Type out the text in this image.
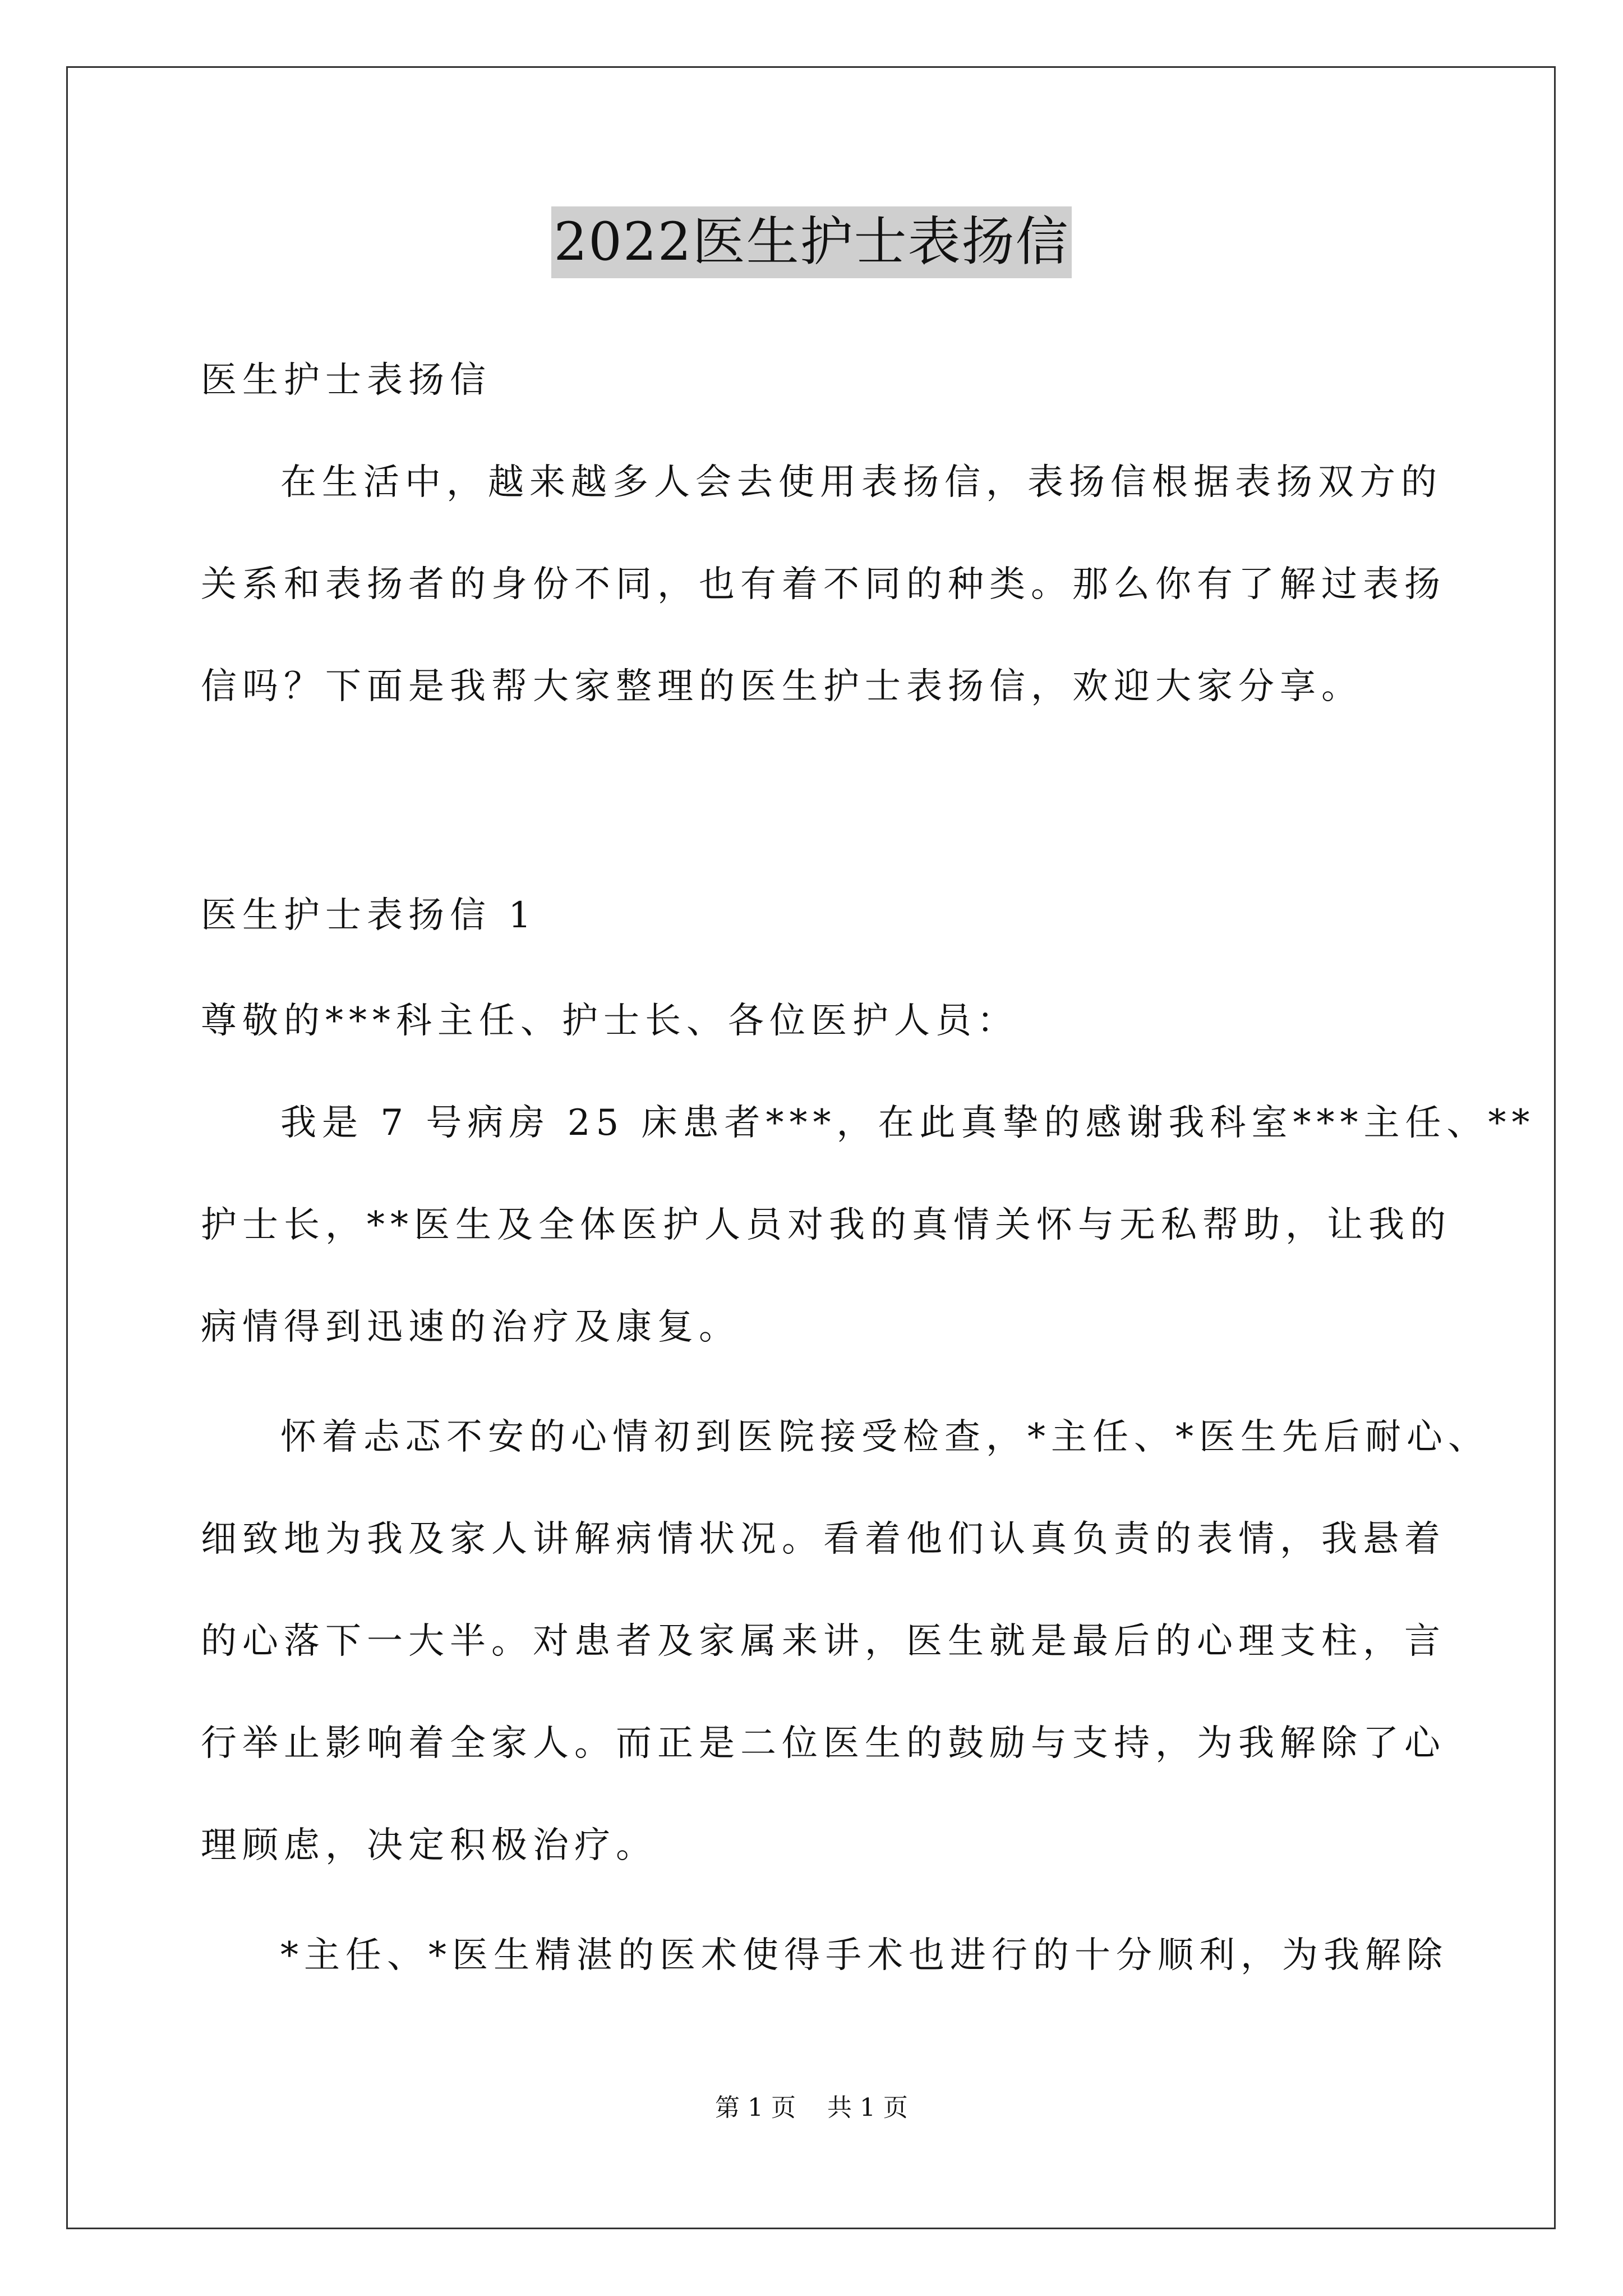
2022医生护士表扬信
医生护士表扬信
在生活中，越来越多人会去使用表扬信，表扬信根据表扬双方的
关系和表扬者的身份不同，也有着不同的种类。那么你有了解过表扬
信吗？下面是我帮大家整理的医生护士表扬信，欢迎大家分享。
医生护士表扬信 1
尊敬的***科主任、护士长、各位医护人员：
我是 7 号病房 25 床患者***，在此真挚的感谢我科室***主任、**
护士长，**医生及全体医护人员对我的真情关怀与无私帮助，让我的
病情得到迅速的治疗及康复。
怀着忐忑不安的心情初到医院接受检查，*主任、*医生先后耐心、
细致地为我及家人讲解病情状况。看着他们认真负责的表情，我悬着
的心落下一大半。对患者及家属来讲，医生就是最后的心理支柱，言
行举止影响着全家人。而正是二位医生的鼓励与支持，为我解除了心
理顾虑，决定积极治疗。
*主任、*医生精湛的医术使得手术也进行的十分顺利，为我解除
第 1 页    共 1 页
